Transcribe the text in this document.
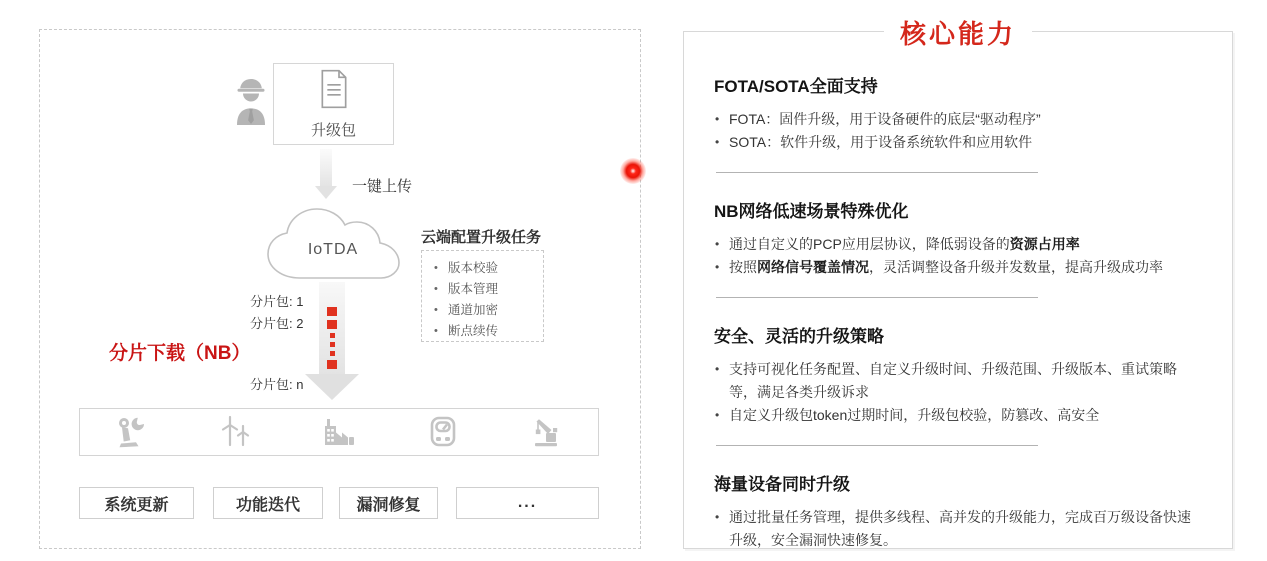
升级包
一键上传
IoTDA
云端配置升级任务
• 版本校验
• 版本管理
• 通道加密
• 断点续传
分片包: 1
分片包: 2
分片包: n
分片下载（NB）
系统更新	功能迭代	漏洞修复	...
核心能力
FOTA/SOTA全面支持

• FOTA：固件升级，用于设备硬件的底层“驱动程序”

• SOTA：软件升级，用于设备系统软件和应用软件

NB网络低速场景特殊优化

• 通过自定义的PCP应用层协议，降低弱设备的资源占用率

• 按照网络信号覆盖情况，灵活调整设备升级并发数量，提高升级成功率

安全、灵活的升级策略

• 支持可视化任务配置、自定义升级时间、升级范围、升级版本、重试策略等，满足各类升级诉求

• 自定义升级包token过期时间，升级包校验，防篡改、高安全

海量设备同时升级

• 通过批量任务管理，提供多线程、高并发的升级能力，完成百万级设备快速升级，安全漏洞快速修复。
